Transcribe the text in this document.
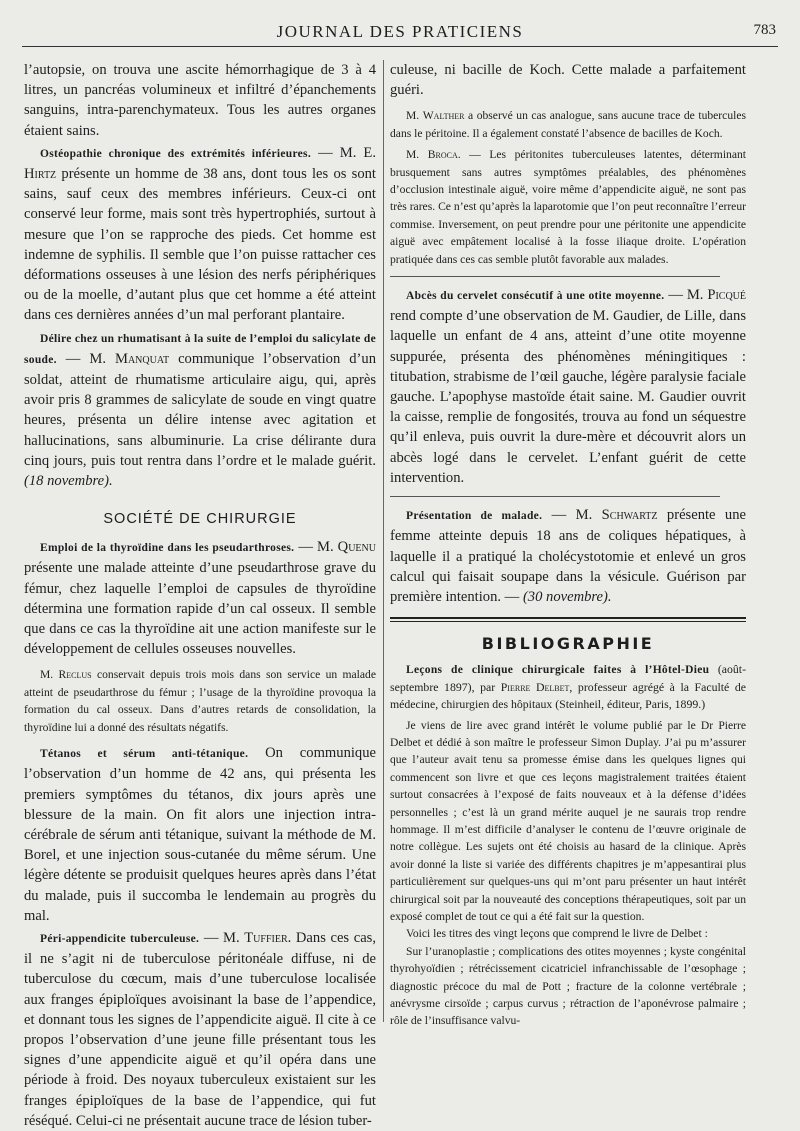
JOURNAL DES PRATICIENS	783

l’autopsie, on trouva une ascite hémorrhagique de 3 à 4 litres, un pancréas volumineux et infiltré d’épanchements sanguins, intra-parenchymateux. Tous les autres organes étaient sains.

Ostéopathie chronique des extrémités inférieures. — M. E. Hirtz présente un homme de 38 ans, dont tous les os sont sains, sauf ceux des membres inférieurs. Ceux-ci ont conservé leur forme, mais sont très hypertrophiés, surtout à mesure que l’on se rapproche des pieds. Cet homme est indemne de syphilis. Il semble que l’on puisse rattacher ces déformations osseuses à une lésion des nerfs périphériques ou de la moelle, d’autant plus que cet homme a été atteint dans ces dernières années d’un mal perforant plantaire.

Délire chez un rhumatisant à la suite de l’emploi du salicylate de soude. — M. Manquat communique l’observation d’un soldat, atteint de rhumatisme articulaire aigu, qui, après avoir pris 8 grammes de salicylate de soude en vingt quatre heures, présenta un délire intense avec agitation et hallucinations, sans albuminurie. La crise délirante dura cinq jours, puis tout rentra dans l’ordre et le malade guérit. (18 novembre).

SOCIÉTÉ DE CHIRURGIE

Emploi de la thyroïdine dans les pseudarthroses. — M. Quenu présente une malade atteinte d’une pseudarthrose grave du fémur, chez laquelle l’emploi de capsules de thyroïdine détermina une formation rapide d’un cal osseux. Il semble que dans ce cas la thyroïdine ait une action manifeste sur le développement de cellules osseuses nouvelles.

M. Reclus conservait depuis trois mois dans son service un malade atteint de pseudarthrose du fémur ; l’usage de la thyroïdine provoqua la formation du cal osseux. Dans d’autres retards de consolidation, la thyroïdine lui a donné des résultats négatifs.

Tétanos et sérum anti-tétanique. On communique l’observation d’un homme de 42 ans, qui présenta les premiers symptômes du tétanos, dix jours après une blessure de la main. On fit alors une injection intra-cérébrale de sérum anti tétanique, suivant la méthode de M. Borel, et une injection sous-cutanée du même sérum. Une légère détente se produisit quelques heures après dans l’état du malade, puis il succomba le lendemain au progrès du mal.

Péri-appendicite tuberculeuse. — M. Tuffier. Dans ces cas, il ne s’agit ni de tuberculose péritonéale diffuse, ni de tuberculose du cœcum, mais d’une tuberculose localisée aux franges épiploïques avoisinant la base de l’appendice, et donnant tous les signes de l’appendicite aiguë. Il cite à ce propos l’observation d’une jeune fille présentant tous les signes d’une appendicite aiguë et qu’il opéra dans une période à froid. Des noyaux tuberculeux existaient sur les franges épiploïques de la base de l’appendice, qui fut réséqué. Celui-ci ne présentait aucune trace de lésion tuber-

culeuse, ni bacille de Koch. Cette malade a parfaitement guéri.

M. Walther a observé un cas analogue, sans aucune trace de tubercules dans le péritoine. Il a également constaté l’absence de bacilles de Koch.

M. Broca. — Les péritonites tuberculeuses latentes, déterminant brusquement sans autres symptômes préalables, des phénomènes d’occlusion intestinale aiguë, voire même d’appendicite aiguë, ne sont pas très rares. Ce n’est qu’après la laparotomie que l’on peut reconnaître l’erreur commise. Inversement, on peut prendre pour une péritonite une appendicite aiguë avec empâtement localisé à la fosse iliaque droite. L’opération pratiquée dans ces cas semble plutôt favorable aux malades.

Abcès du cervelet consécutif à une otite moyenne. — M. Picqué rend compte d’une observation de M. Gaudier, de Lille, dans laquelle un enfant de 4 ans, atteint d’une otite moyenne suppurée, présenta des phénomènes méningitiques : titubation, strabisme de l’œil gauche, légère paralysie faciale gauche. L’apophyse mastoïde était saine. M. Gaudier ouvrit la caisse, remplie de fongosités, trouva au fond un séquestre qu’il enleva, puis ouvrit la dure-mère et découvrit alors un abcès logé dans le cervelet. L’enfant guérit de cette intervention.

Présentation de malade. — M. Schwartz présente une femme atteinte depuis 18 ans de coliques hépatiques, à laquelle il a pratiqué la cholécystotomie et enlevé un gros calcul qui faisait soupape dans la vésicule. Guérison par première intention. — (30 novembre).

BIBLIOGRAPHIE

Leçons de clinique chirurgicale faites à l’Hôtel-Dieu (août-septembre 1897), par Pierre Delbet, professeur agrégé à la Faculté de médecine, chirurgien des hôpitaux (Steinheil, éditeur, Paris, 1899.)

Je viens de lire avec grand intérêt le volume publié par le Dr Pierre Delbet et dédié à son maître le professeur Simon Duplay. J’ai pu m’assurer que l’auteur avait tenu sa promesse émise dans les quelques lignes qui commencent son livre et que ces leçons magistralement traitées étaient surtout consacrées à l’exposé de faits nouveaux et à la défense d’idées personnelles ; c’est là un grand mérite auquel je ne saurais trop rendre hommage. Il m’est difficile d’analyser le contenu de l’œuvre originale de notre collègue. Les sujets ont été choisis au hasard de la clinique. Après avoir donné la liste si variée des différents chapitres je m’appesantirai plus particulièrement sur quelques-uns qui m’ont paru présenter un haut intérêt chirurgical soit par la nouveauté des conceptions thérapeutiques, soit par un exposé complet de tout ce qui a été fait sur la question.

Voici les titres des vingt leçons que comprend le livre de Delbet :

Sur l’uranoplastie ; complications des otites moyennes ; kyste congénital thyrohyoïdien ; rétrécissement cicatriciel infranchissable de l’œsophage ; diagnostic précoce du mal de Pott ; fracture de la colonne vertébrale ; anévrysme cirsoïde ; carpus curvus ; rétraction de l’aponévrose palmaire ; rôle de l’insuffisance valvu-
